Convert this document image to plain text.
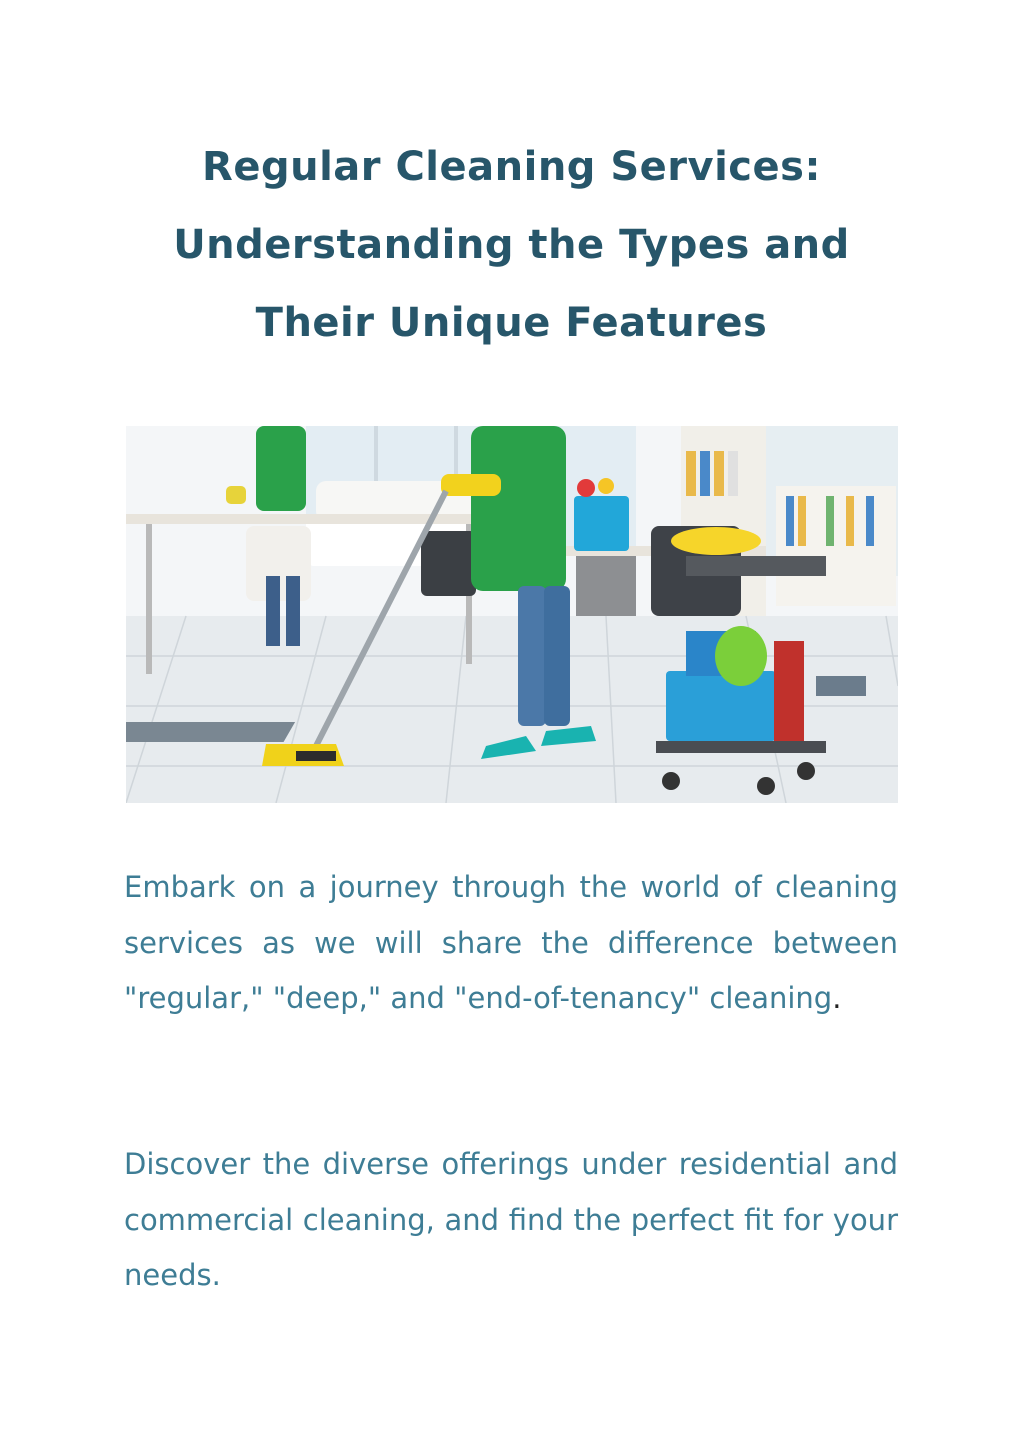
Regular Cleaning Services:
Understanding the Types and
Their Unique Features

Embark on a journey through the world of cleaning services as we will share the difference between "regular," "deep," and "end-of-tenancy" cleaning.

Discover the diverse offerings under residential and commercial cleaning, and find the perfect fit for your needs.
